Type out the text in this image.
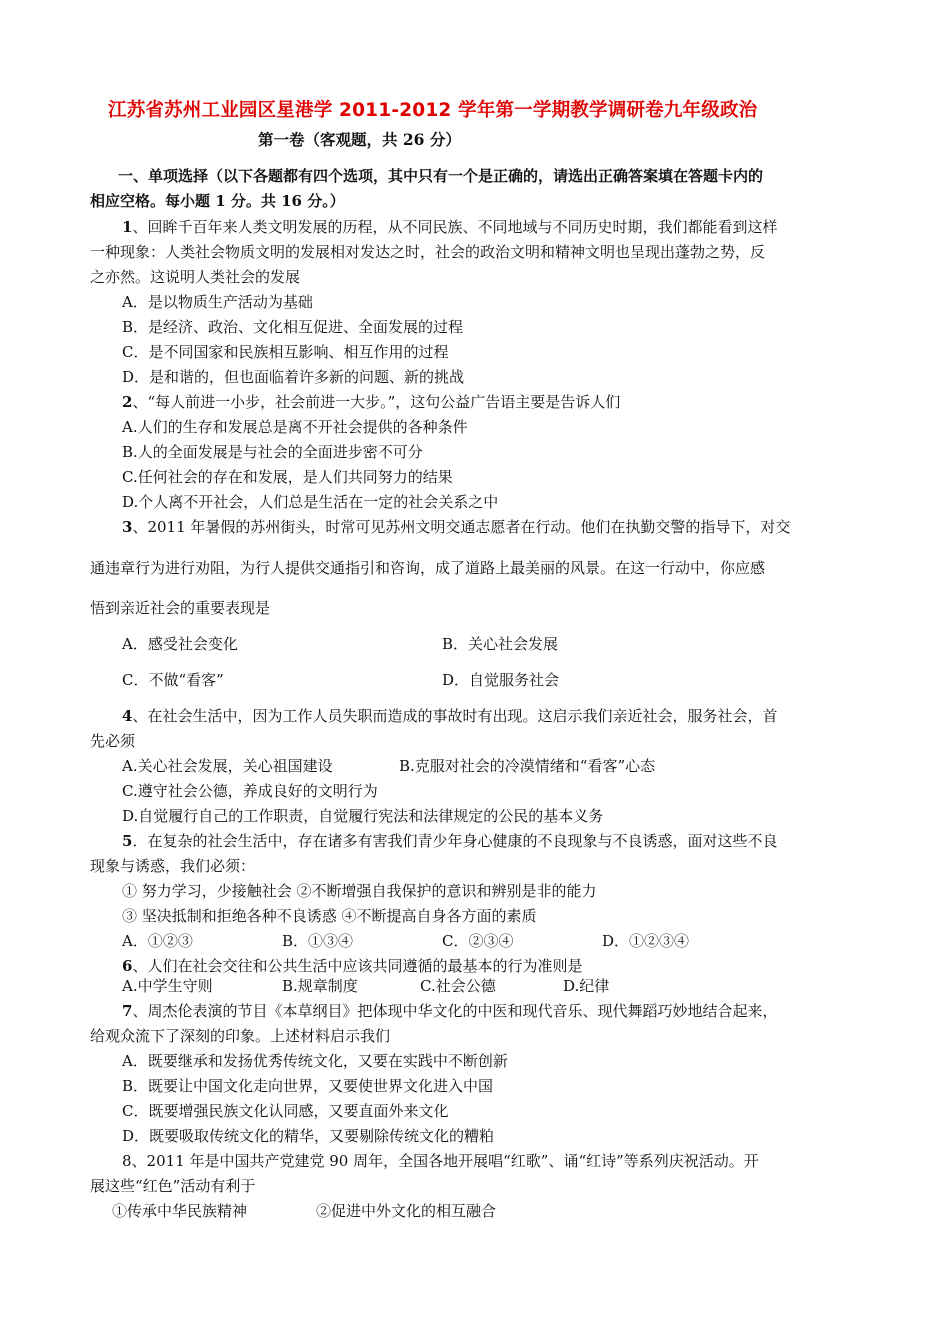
江苏省苏州工业园区星港学 2011-2012 学年第一学期教学调研卷九年级政治
第一卷（客观题，共 26 分）
一、单项选择（以下各题都有四个选项，其中只有一个是正确的，请选出正确答案填在答题卡内的
相应空格。每小题 1 分。共 16 分。）
1、回眸千百年来人类文明发展的历程，从不同民族、不同地域与不同历史时期，我们都能看到这样
一种现象：人类社会物质文明的发展相对发达之时，社会的政治文明和精神文明也呈现出蓬勃之势，反
之亦然。这说明人类社会的发展
A．是以物质生产活动为基础
B．是经济、政治、文化相互促进、全面发展的过程
C．是不同国家和民族相互影响、相互作用的过程
D．是和谐的，但也面临着许多新的问题、新的挑战
2、“每人前进一小步，社会前进一大步。”，这句公益广告语主要是告诉人们
A.人们的生存和发展总是离不开社会提供的各种条件
B.人的全面发展是与社会的全面进步密不可分
C.任何社会的存在和发展，是人们共同努力的结果
D.个人离不开社会，人们总是生活在一定的社会关系之中
3、2011 年暑假的苏州街头，时常可见苏州文明交通志愿者在行动。他们在执勤交警的指导下，对交
通违章行为进行劝阻，为行人提供交通指引和咨询，成了道路上最美丽的风景。在这一行动中，你应感
悟到亲近社会的重要表现是
A．感受社会变化	B．关心社会发展
C．不做“看客”	D．自觉服务社会
4、在社会生活中，因为工作人员失职而造成的事故时有出现。这启示我们亲近社会，服务社会，首
先必须
A.关心社会发展，关心祖国建设	B.克服对社会的冷漠情绪和“看客”心态
C.遵守社会公德，养成良好的文明行为
D.自觉履行自己的工作职责，自觉履行宪法和法律规定的公民的基本义务
5．在复杂的社会生活中，存在诸多有害我们青少年身心健康的不良现象与不良诱惑，面对这些不良
现象与诱惑，我们必须：
① 努力学习，少接触社会 ②不断增强自我保护的意识和辨别是非的能力
③ 坚决抵制和拒绝各种不良诱惑 ④不断提高自身各方面的素质
A．①②③	B．①③④	C．②③④	D．①②③④
6、人们在社会交往和公共生活中应该共同遵循的最基本的行为准则是
A.中学生守则	B.规章制度	C.社会公德	D.纪律
7、周杰伦表演的节目《本草纲目》把体现中华文化的中医和现代音乐、现代舞蹈巧妙地结合起来，
给观众流下了深刻的印象。上述材料启示我们
A．既要继承和发扬优秀传统文化，又要在实践中不断创新
B．既要让中国文化走向世界，又要使世界文化进入中国
C．既要增强民族文化认同感，又要直面外来文化
D．既要吸取传统文化的精华，又要剔除传统文化的糟粕
8、2011 年是中国共产党建党 90 周年，全国各地开展唱“红歌”、诵“红诗”等系列庆祝活动。开
展这些“红色”活动有利于
①传承中华民族精神	②促进中外文化的相互融合
